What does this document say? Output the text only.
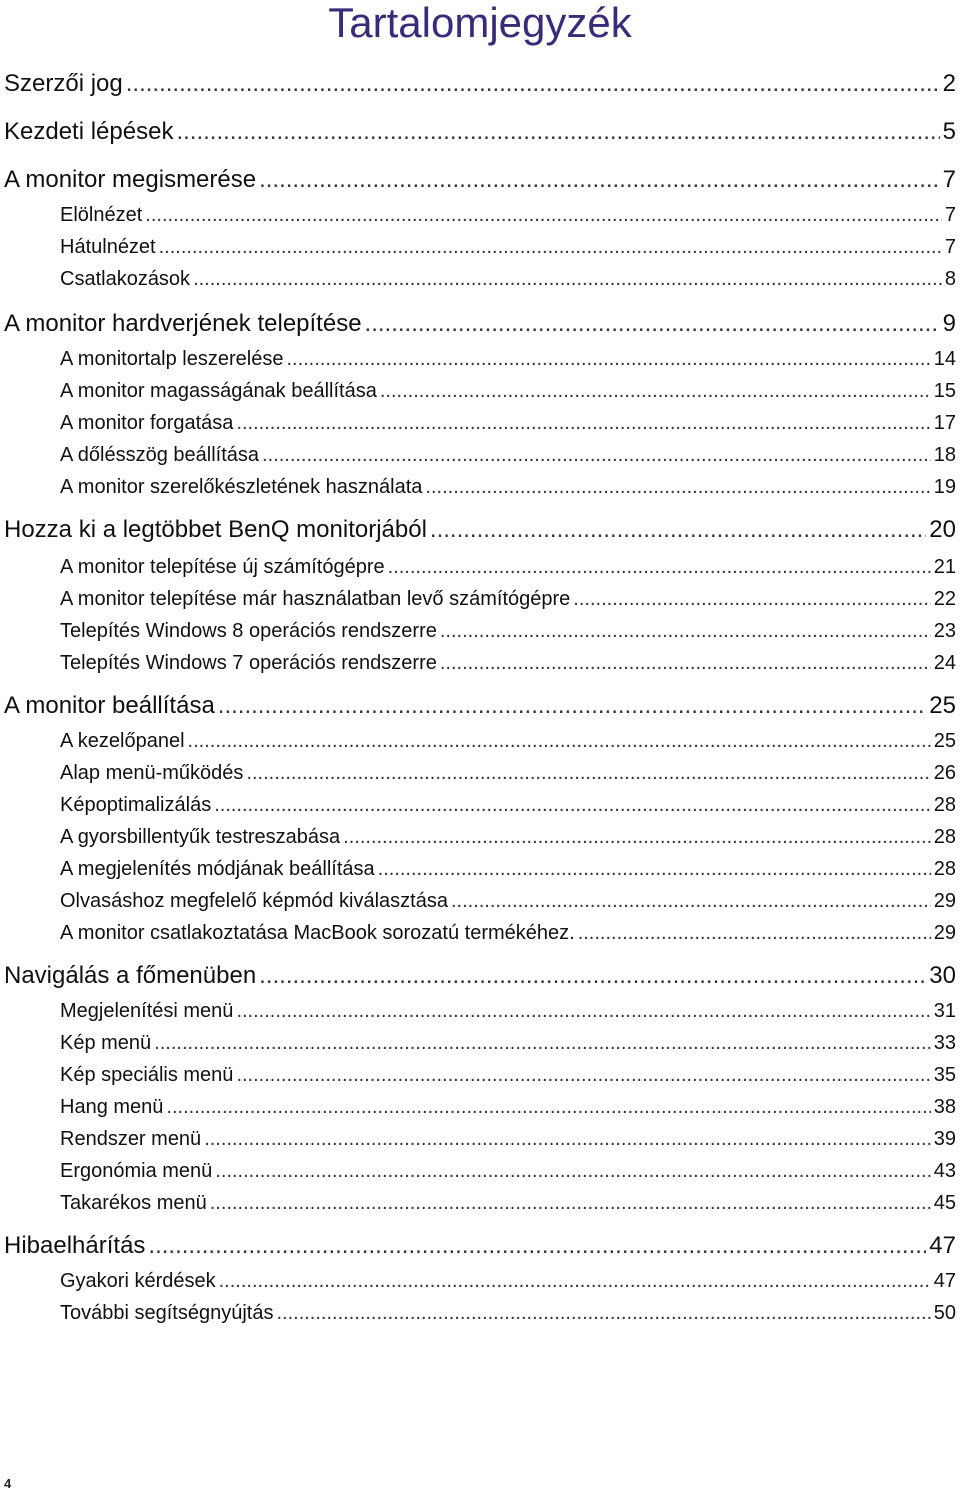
Tartalomjegyzék
Szerzői jog .....	2
Kezdeti lépések .....	5
A monitor megismerése .....	7
Elölnézet .....	7
Hátulnézet .....	7
Csatlakozások .....	8
A monitor hardverjének telepítése .....	9
A monitortalp leszerelése .....	14
A monitor magasságának beállítása .....	15
A monitor forgatása .....	17
A dőlésszög beállítása .....	18
A monitor szerelőkészletének használata .....	19
Hozza ki a legtöbbet BenQ monitorjából .....	20
A monitor telepítése új számítógépre .....	21
A monitor telepítése már használatban levő számítógépre .....	22
Telepítés Windows 8 operációs rendszerre .....	23
Telepítés Windows 7 operációs rendszerre .....	24
A monitor beállítása .....	25
A kezelőpanel .....	25
Alap menü-működés .....	26
Képoptimalizálás .....	28
A gyorsbillentyűk testreszabása .....	28
A megjelenítés módjának beállítása .....	28
Olvasáshoz megfelelő képmód kiválasztása .....	29
A monitor csatlakoztatása MacBook sorozatú termékéhez. .....	29
Navigálás a főmenüben .....	30
Megjelenítési menü .....	31
Kép menü .....	33
Kép speciális menü .....	35
Hang menü .....	38
Rendszer menü .....	39
Ergonómia menü .....	43
Takarékos menü .....	45
Hibaelhárítás .....	47
Gyakori kérdések .....	47
További segítségnyújtás .....	50
4
